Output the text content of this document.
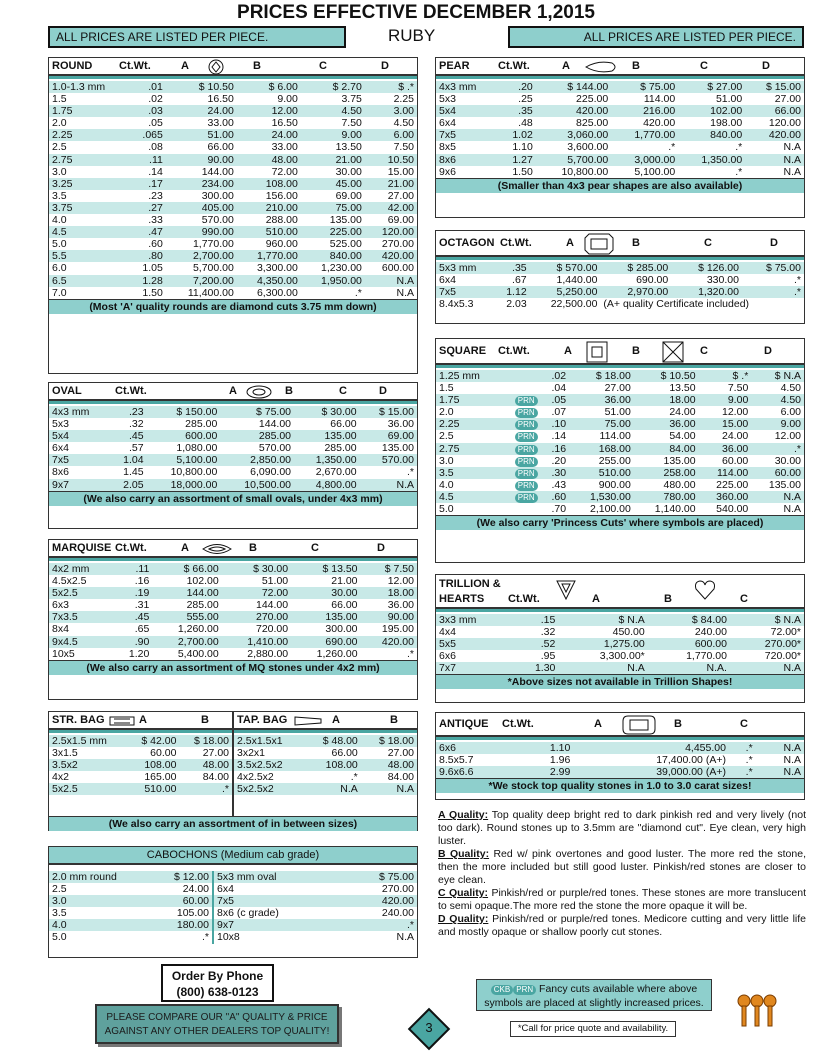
PRICES EFFECTIVE DECEMBER 1,2015
ALL PRICES ARE LISTED PER PIECE.	RUBY	ALL PRICES ARE LISTED PER PIECE.
ROUND Ct.Wt.	A	B	C	D
1.0-1.3 mm	.01	$ 10.50	$ 6.00	$ 2.70	$ .*
1.5	.02	16.50	9.00	3.75	2.25
1.75	.03	24.00	12.00	4.50	3.00
2.0	.05	33.00	16.50	7.50	4.50
2.25	.065	51.00	24.00	9.00	6.00
2.5	.08	66.00	33.00	13.50	7.50
2.75	.11	90.00	48.00	21.00	10.50
3.0	.14	144.00	72.00	30.00	15.00
3.25	.17	234.00	108.00	45.00	21.00
3.5	.23	300.00	156.00	69.00	27.00
3.75	.27	405.00	210.00	75.00	42.00
4.0	.33	570.00	288.00	135.00	69.00
4.5	.47	990.00	510.00	225.00	120.00
5.0	.60	1,770.00	960.00	525.00	270.00
5.5	.80	2,700.00	1,770.00	840.00	420.00
6.0	1.05	5,700.00	3,300.00	1,230.00	600.00
6.5	1.28	7,200.00	4,350.00	1,950.00	N.A
7.0	1.50	11,400.00	6,300.00	.*	N.A
(Most 'A' quality rounds are diamond cuts 3.75 mm down)
OVAL	Ct.Wt.	A	B	C	D
4x3 mm	.23	$ 150.00	$ 75.00	$ 30.00	$ 15.00
5x3	.32	285.00	144.00	66.00	36.00
5x4	.45	600.00	285.00	135.00	69.00
6x4	.57	1,080.00	570.00	285.00	135.00
7x5	1.04	5,100.00	2,850.00	1,350.00	570.00
8x6	1.45	10,800.00	6,090.00	2,670.00	.*
9x7	2.05	18,000.00	10,500.00	4,800.00	N.A
(We also carry an assortment of small ovals, under 4x3 mm)
MARQUISE Ct.Wt.	A	B	C	D
4x2 mm	.11	$ 66.00	$ 30.00	$ 13.50	$ 7.50
4.5x2.5	.16	102.00	51.00	21.00	12.00
5x2.5	.19	144.00	72.00	30.00	18.00
6x3	.31	285.00	144.00	66.00	36.00
7x3.5	.45	555.00	270.00	135.00	90.00
8x4	.65	1,260.00	720.00	300.00	195.00
9x4.5	.90	2,700.00	1,410.00	690.00	420.00
10x5	1.20	5,400.00	2,880.00	1,260.00	.*
(We also carry an assortment of MQ stones under 4x2 mm)
STR. BAG	A	B
2.5x1.5 mm	$ 42.00	$ 18.00
3x1.5	60.00	27.00
3.5x2	108.00	48.00
4x2	165.00	84.00
5x2.5	510.00	.*
TAP. BAG	A	B
2.5x1.5x1	$ 48.00	$ 18.00
3x2x1	66.00	27.00
3.5x2.5x2	108.00	48.00
4x2.5x2	.*	84.00
5x2.5x2	N.A	N.A
(We also carry an assortment of in between sizes)
CABOCHONS (Medium cab grade)
2.0 mm round	$ 12.00
2.5	24.00
3.0	60.00
3.5	105.00
4.0	180.00
5.0	.*
5x3 mm oval	$ 75.00
6x4	270.00
7x5	420.00
8x6 (c grade)	240.00
9x7	.*
10x8	N.A
PEAR	Ct.Wt.	A	B	C	D
4x3 mm	.20	$ 144.00	$ 75.00	$ 27.00	$ 15.00
5x3	.25	225.00	114.00	51.00	27.00
5x4	.35	420.00	216.00	102.00	66.00
6x4	.48	825.00	420.00	198.00	120.00
7x5	1.02	3,060.00	1,770.00	840.00	420.00
8x5	1.10	3,600.00	.*	.*	N.A
8x6	1.27	5,700.00	3,000.00	1,350.00	N.A
9x6	1.50	10,800.00	5,100.00	.*	N.A
(Smaller than 4x3 pear shapes are also available)
OCTAGON Ct.Wt.	A	B	C	D
5x3 mm	.35	$ 570.00	$ 285.00	$ 126.00	$ 75.00
6x4	.67	1,440.00	690.00	330.00	.*
7x5	1.12	5,250.00	2,970.00	1,320.00	.*
8.4x5.3	2.03	22,500.00	(A+ quality Certificate included)		
SQUARE Ct.Wt.	A	B	C	D
1.25 mm		.02	$ 18.00	$ 10.50	$ .*	$ N.A
1.5		.04	27.00	13.50	7.50	4.50
1.75	PRN	.05	36.00	18.00	9.00	4.50
2.0	PRN	.07	51.00	24.00	12.00	6.00
2.25	PRN	.10	75.00	36.00	15.00	9.00
2.5	PRN	.14	114.00	54.00	24.00	12.00
2.75	PRN	.16	168.00	84.00	36.00	.*
3.0	PRN	.20	255.00	135.00	60.00	30.00
3.5	PRN	.30	510.00	258.00	114.00	60.00
4.0	PRN	.43	900.00	480.00	225.00	135.00
4.5	PRN	.60	1,530.00	780.00	360.00	N.A
5.0		.70	2,100.00	1,140.00	540.00	N.A
(We also carry 'Princess Cuts' where symbols are placed)
TRILLION &
HEARTS Ct.Wt.	A	B	C
3x3 mm	.15	$ N.A	$ 84.00	$ N.A
4x4	.32	450.00	240.00	72.00*
5x5	.52	1,275.00	600.00	270.00*
6x6	.95	3,300.00*	1,770.00	720.00*
7x7	1.30	N.A	N.A.	N.A
*Above sizes not available in Trillion Shapes!
ANTIQUE Ct.Wt.	A	B	C
6x6	1.10	4,455.00	.*	N.A
8.5x5.7	1.96	17,400.00 (A+)	.*	N.A
9.6x6.6	2.99	39,000.00 (A+)	.*	N.A
*We stock top quality stones in 1.0 to 3.0 carat sizes!

A Quality: Top quality deep bright red to dark pinkish red and very lively (not too dark). Round stones up to 3.5mm are "diamond cut". Eye clean, very high luster.

B Quality: Red w/ pink overtones and good luster. The more red the stone, then the more included but still good luster. Pinkish/red stones are closer to eye clean.

C Quality: Pinkish/red or purple/red tones. These stones are more translucent to semi opaque.The more red the stone the more opaque it will be.

D Quality: Pinkish/red or purple/red tones. Medicore cutting and very little life and mostly opaque or shallow poorly cut stones.

Order By Phone
(800) 638-0123
PLEASE COMPARE OUR "A" QUALITY & PRICE AGAINST ANY OTHER DEALERS TOP QUALITY!	3
CKB PRN Fancy cuts available where above symbols are placed at slightly increased prices.
*Call for price quote and availability.
